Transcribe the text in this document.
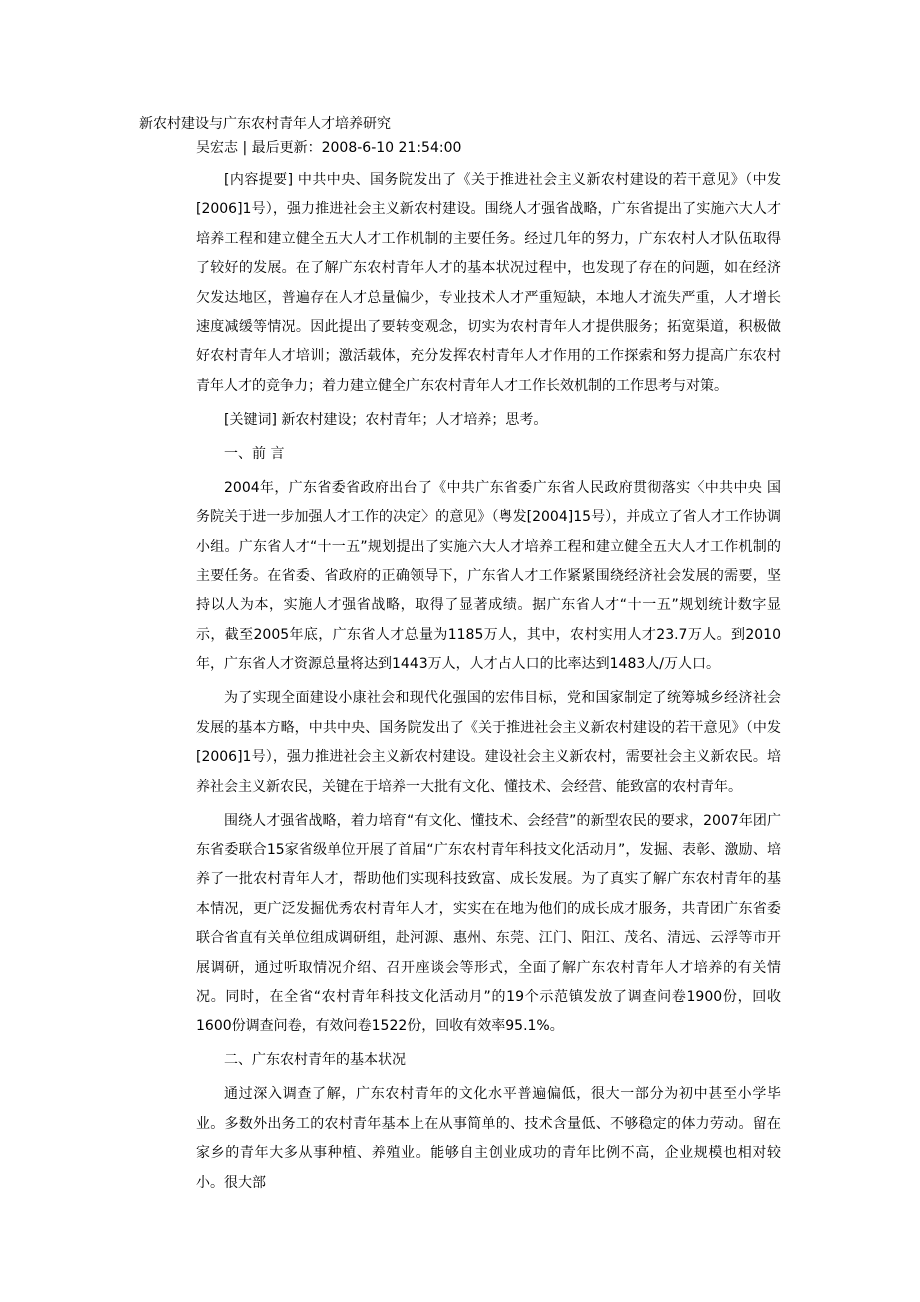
新农村建设与广东农村青年人才培养研究
吴宏志 | 最后更新：2008-6-10 21:54:00

[内容提要] 中共中央、国务院发出了《关于推进社会主义新农村建设的若干意见》（中发[2006]1号），强力推进社会主义新农村建设。围绕人才强省战略，广东省提出了实施六大人才培养工程和建立健全五大人才工作机制的主要任务。经过几年的努力，广东农村人才队伍取得了较好的发展。在了解广东农村青年人才的基本状况过程中，也发现了存在的问题，如在经济欠发达地区，普遍存在人才总量偏少，专业技术人才严重短缺，本地人才流失严重，人才增长速度减缓等情况。因此提出了要转变观念，切实为农村青年人才提供服务；拓宽渠道，积极做好农村青年人才培训；激活载体，充分发挥农村青年人才作用的工作探索和努力提高广东农村青年人才的竞争力；着力建立健全广东农村青年人才工作长效机制的工作思考与对策。

[关键词] 新农村建设；农村青年；人才培养；思考。

一、前 言

2004年，广东省委省政府出台了《中共广东省委广东省人民政府贯彻落实〈中共中央 国务院关于进一步加强人才工作的决定〉的意见》（粤发[2004]15号），并成立了省人才工作协调小组。广东省人才“十一五”规划提出了实施六大人才培养工程和建立健全五大人才工作机制的主要任务。在省委、省政府的正确领导下，广东省人才工作紧紧围绕经济社会发展的需要，坚持以人为本，实施人才强省战略，取得了显著成绩。据广东省人才“十一五”规划统计数字显示，截至2005年底，广东省人才总量为1185万人，其中，农村实用人才23.7万人。到2010年，广东省人才资源总量将达到1443万人，人才占人口的比率达到1483人/万人口。

为了实现全面建设小康社会和现代化强国的宏伟目标，党和国家制定了统筹城乡经济社会发展的基本方略，中共中央、国务院发出了《关于推进社会主义新农村建设的若干意见》（中发[2006]1号），强力推进社会主义新农村建设。建设社会主义新农村，需要社会主义新农民。培养社会主义新农民，关键在于培养一大批有文化、懂技术、会经营、能致富的农村青年。

围绕人才强省战略，着力培育“有文化、懂技术、会经营”的新型农民的要求，2007年团广东省委联合15家省级单位开展了首届“广东农村青年科技文化活动月”，发掘、表彰、激励、培养了一批农村青年人才，帮助他们实现科技致富、成长发展。为了真实了解广东农村青年的基本情况，更广泛发掘优秀农村青年人才，实实在在地为他们的成长成才服务，共青团广东省委联合省直有关单位组成调研组，赴河源、惠州、东莞、江门、阳江、茂名、清远、云浮等市开展调研，通过听取情况介绍、召开座谈会等形式，全面了解广东农村青年人才培养的有关情况。同时，在全省“农村青年科技文化活动月”的19个示范镇发放了调查问卷1900份，回收1600份调查问卷，有效问卷1522份，回收有效率95.1%。

二、广东农村青年的基本状况

通过深入调查了解，广东农村青年的文化水平普遍偏低，很大一部分为初中甚至小学毕业。多数外出务工的农村青年基本上在从事简单的、技术含量低、不够稳定的体力劳动。留在家乡的青年大多从事种植、养殖业。能够自主创业成功的青年比例不高，企业规模也相对较小。很大部
